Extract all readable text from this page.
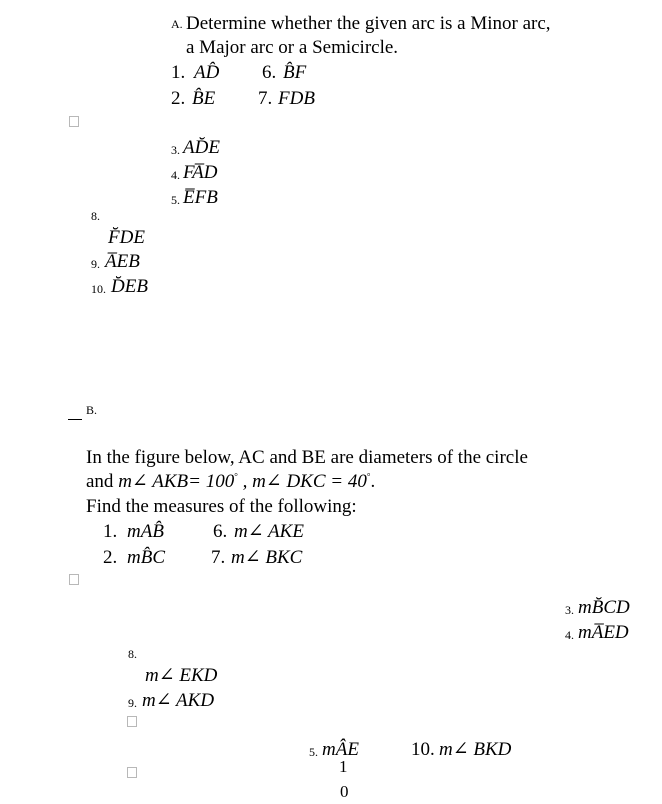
A. Determine whether the given arc is a Minor arc,
a Major arc or a Semicircle.
1. AD̂ 6. B̂F
2. B̂E 7. FDB
3. AD̆E
4. FA̅D
5. E̅FB
8.
F̆DE
9. A̅EB
10. D̆EB
B.
In the figure below, AC and BE are diameters of the circle
and m∠ AKB= 100° , m∠ DKC = 40°.
Find the measures of the following:
1. mAB̂	6. m∠ AKE
2. mB̂C 7. m∠ BKC
3. mB̆CD
4. mA̅ED
8.
m∠ EKD
9. m∠ AKD
5. mÂE	10. m∠ BKD
1
0
